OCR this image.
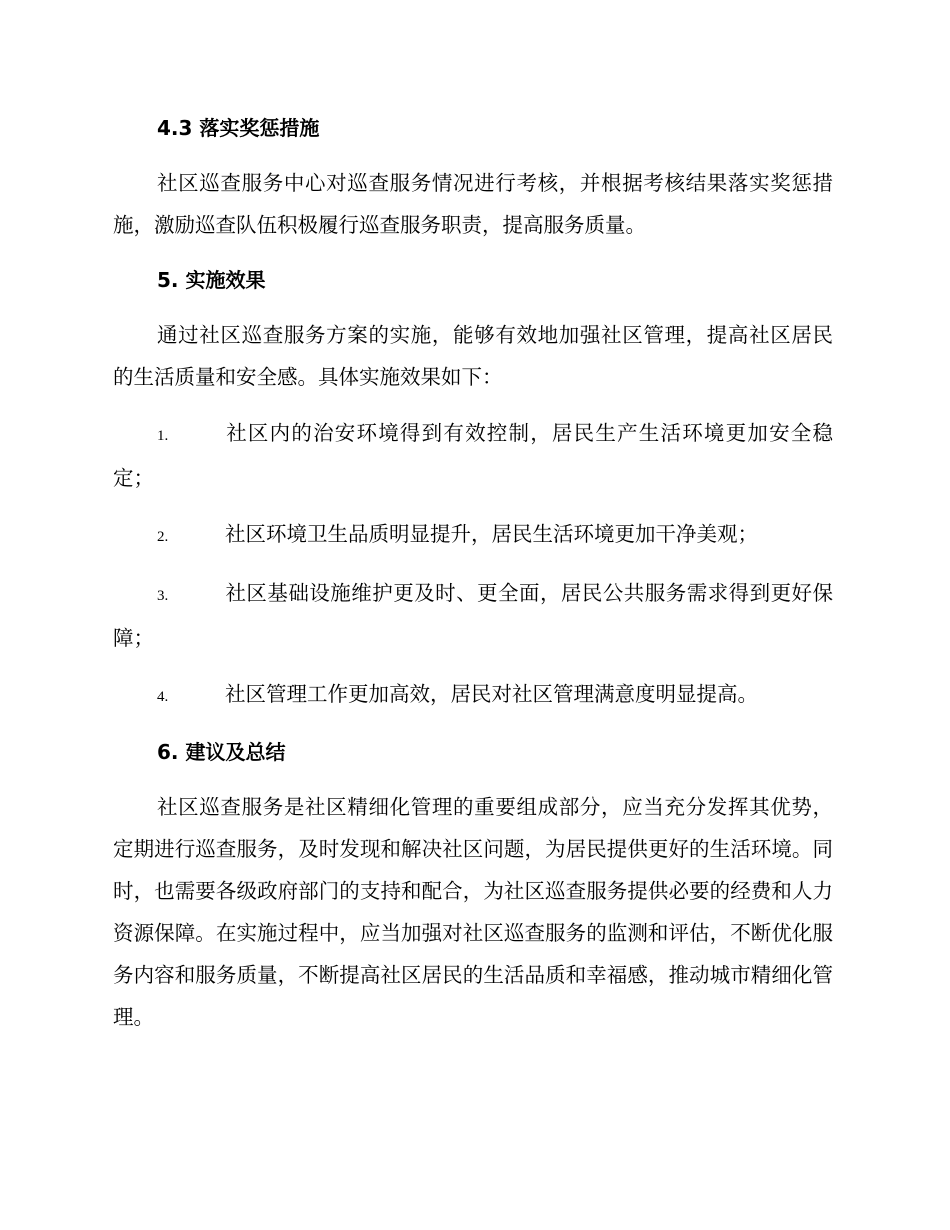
4.3 落实奖惩措施

社区巡查服务中心对巡查服务情况进行考核，并根据考核结果落实奖惩措施，激励巡查队伍积极履行巡查服务职责，提高服务质量。

5. 实施效果

通过社区巡查服务方案的实施，能够有效地加强社区管理，提高社区居民的生活质量和安全感。具体实施效果如下：

1.	社区内的治安环境得到有效控制，居民生产生活环境更加安全稳定；

2.	社区环境卫生品质明显提升，居民生活环境更加干净美观；

3.	社区基础设施维护更及时、更全面，居民公共服务需求得到更好保障；

4.	社区管理工作更加高效，居民对社区管理满意度明显提高。

6. 建议及总结

社区巡查服务是社区精细化管理的重要组成部分，应当充分发挥其优势，定期进行巡查服务，及时发现和解决社区问题，为居民提供更好的生活环境。同时，也需要各级政府部门的支持和配合，为社区巡查服务提供必要的经费和人力资源保障。在实施过程中，应当加强对社区巡查服务的监测和评估，不断优化服务内容和服务质量，不断提高社区居民的生活品质和幸福感，推动城市精细化管理。
